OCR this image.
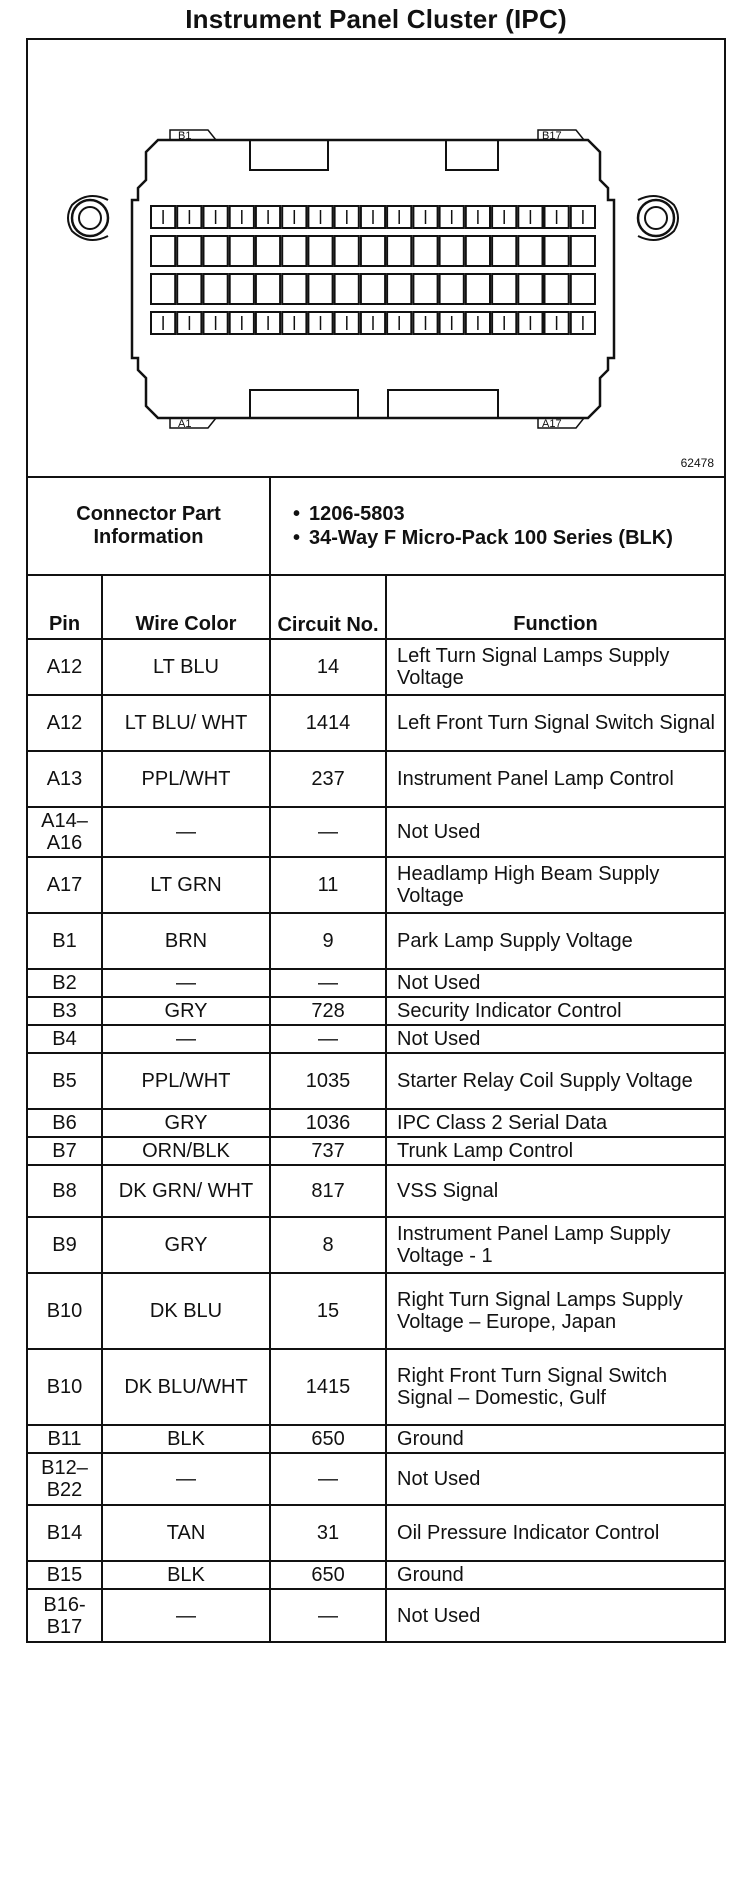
Instrument Panel Cluster (IPC)
B1	B17
A1	A17
62478
Connector Part Information		• 1206-5803
• 34-Way F Micro-Pack 100 Series (BLK)

Pin	Wire Color	Circuit No.	Function
A12	LT BLU	14	Left Turn Signal Lamps Supply Voltage
A12	LT BLU/ WHT	1414	Left Front Turn Signal Switch Signal
A13	PPL/WHT	237	Instrument Panel Lamp Control
A14– A16	—	—	Not Used
A17	LT GRN	11	Headlamp High Beam Supply Voltage
B1	BRN	9	Park Lamp Supply Voltage
B2	—	—	Not Used
B3	GRY	728	Security Indicator Control
B4	—	—	Not Used
B5	PPL/WHT	1035	Starter Relay Coil Supply Voltage
B6	GRY	1036	IPC Class 2 Serial Data
B7	ORN/BLK	737	Trunk Lamp Control
B8	DK GRN/ WHT	817	VSS Signal
B9	GRY	8	Instrument Panel Lamp Supply Voltage - 1
B10	DK BLU	15	Right Turn Signal Lamps Supply Voltage – Europe, Japan
B10	DK BLU/WHT	1415	Right Front Turn Signal Switch Signal – Domestic, Gulf
B11	BLK	650	Ground
B12– B22	—	—	Not Used
B14	TAN	31	Oil Pressure Indicator Control
B15	BLK	650	Ground
B16- B17	—	—	Not Used
